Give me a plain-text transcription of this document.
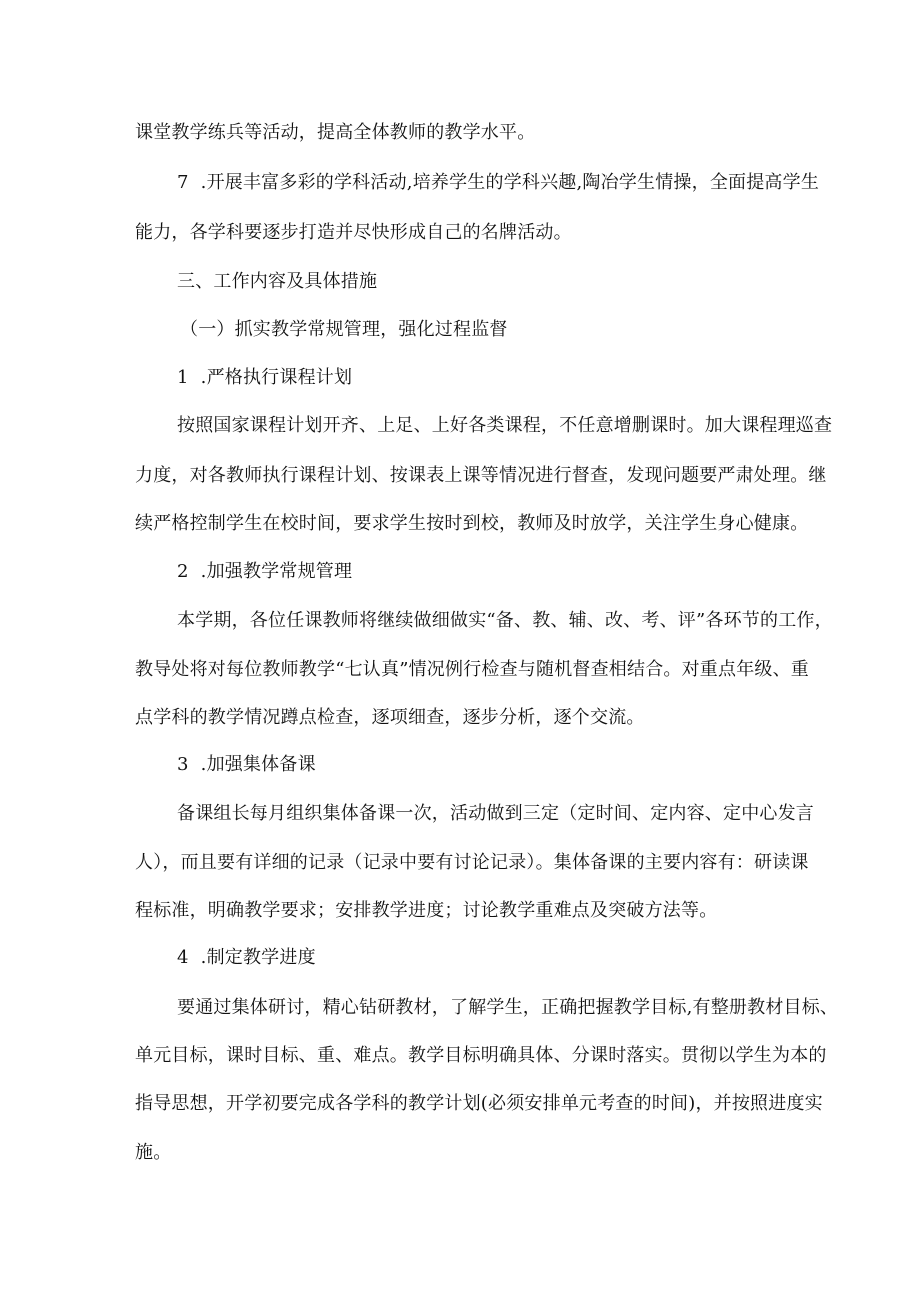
课堂教学练兵等活动，提高全体教师的教学水平。
7 .开展丰富多彩的学科活动,培养学生的学科兴趣,陶冶学生情操，全面提高学生
能力，各学科要逐步打造并尽快形成自己的名牌活动。
三、工作内容及具体措施
（一）抓实教学常规管理，强化过程监督
1 .严格执行课程计划
按照国家课程计划开齐、上足、上好各类课程，不任意增删课时。加大课程理巡查
力度，对各教师执行课程计划、按课表上课等情况进行督查，发现问题要严肃处理。继
续严格控制学生在校时间，要求学生按时到校，教师及时放学，关注学生身心健康。
2 .加强教学常规管理
本学期，各位任课教师将继续做细做实“备、教、辅、改、考、评”各环节的工作，
教导处将对每位教师教学“七认真”情况例行检查与随机督查相结合。对重点年级、重
点学科的教学情况蹲点检查，逐项细查，逐步分析，逐个交流。
3 .加强集体备课
备课组长每月组织集体备课一次，活动做到三定（定时间、定内容、定中心发言
人），而且要有详细的记录（记录中要有讨论记录）。集体备课的主要内容有：研读课
程标准，明确教学要求；安排教学进度；讨论教学重难点及突破方法等。
4 .制定教学进度
要通过集体研讨，精心钻研教材，了解学生，正确把握教学目标,有整册教材目标、
单元目标，课时目标、重、难点。教学目标明确具体、分课时落实。贯彻以学生为本的
指导思想，开学初要完成各学科的教学计划(必须安排单元考查的时间)，并按照进度实
施。
